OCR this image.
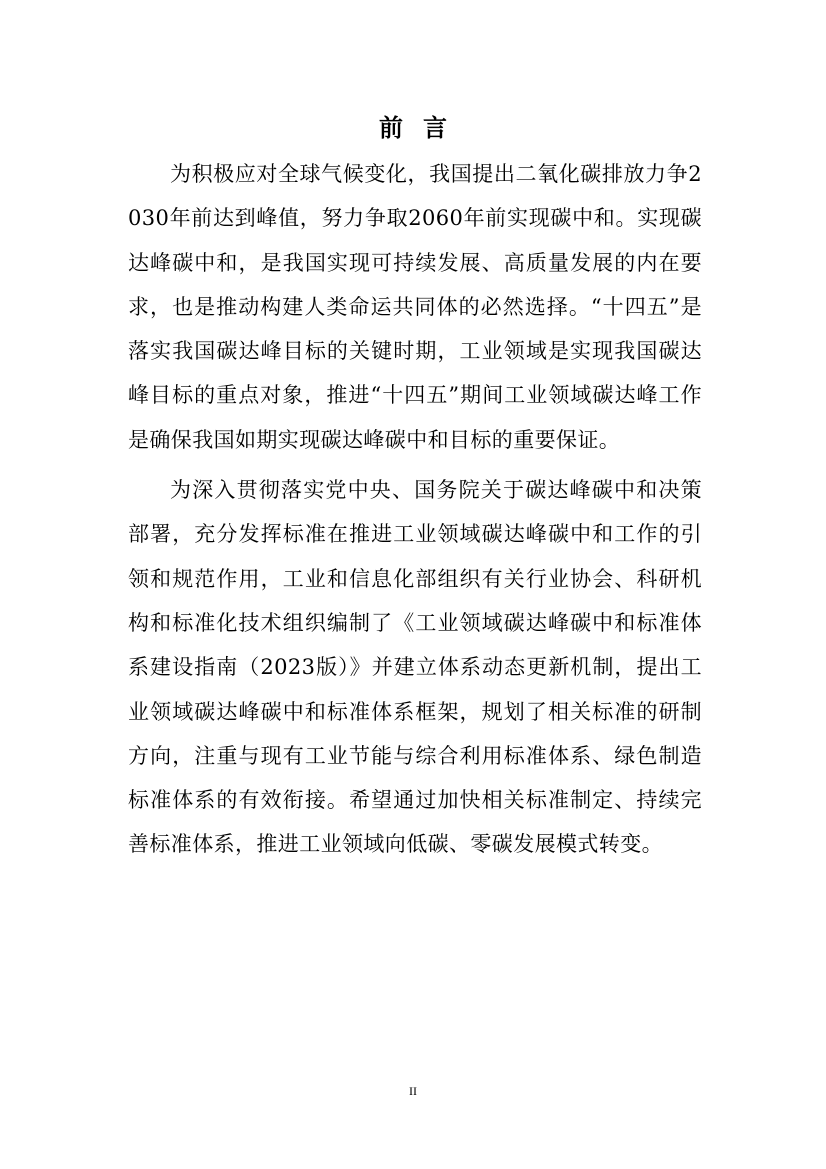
前言

为积极应对全球气候变化，我国提出二氧化碳排放力争2030年前达到峰值，努力争取2060年前实现碳中和。实现碳达峰碳中和，是我国实现可持续发展、高质量发展的内在要求，也是推动构建人类命运共同体的必然选择。“十四五”是落实我国碳达峰目标的关键时期，工业领域是实现我国碳达峰目标的重点对象，推进“十四五”期间工业领域碳达峰工作是确保我国如期实现碳达峰碳中和目标的重要保证。

为深入贯彻落实党中央、国务院关于碳达峰碳中和决策部署，充分发挥标准在推进工业领域碳达峰碳中和工作的引领和规范作用，工业和信息化部组织有关行业协会、科研机构和标准化技术组织编制了《工业领域碳达峰碳中和标准体系建设指南（2023版）》并建立体系动态更新机制，提出工业领域碳达峰碳中和标准体系框架，规划了相关标准的研制方向，注重与现有工业节能与综合利用标准体系、绿色制造标准体系的有效衔接。希望通过加快相关标准制定、持续完善标准体系，推进工业领域向低碳、零碳发展模式转变。

II
